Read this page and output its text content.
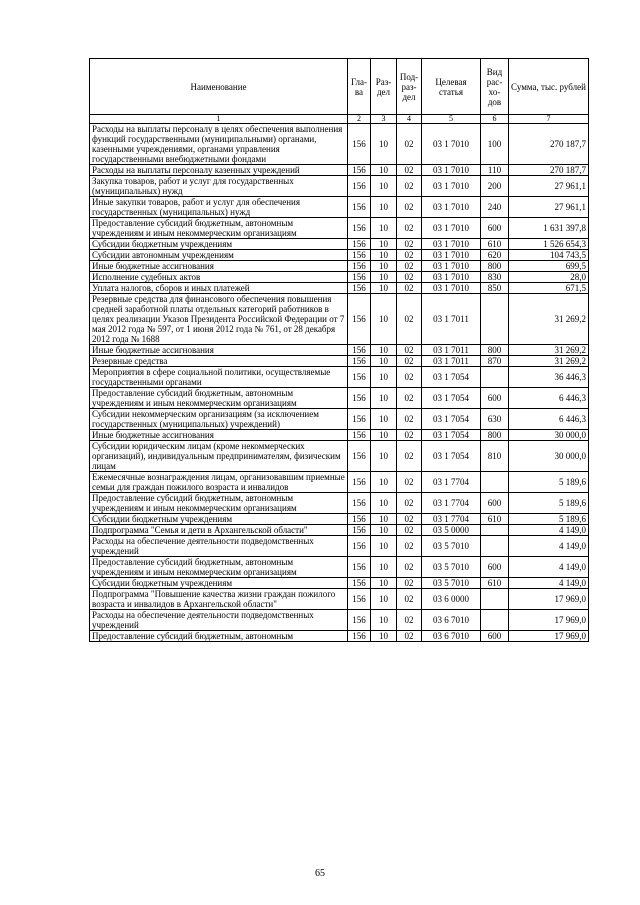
Наименование	Гла-ва	Раз-дел	Под-раз-дел	Целевая статья	Вид рас-хо-дов	Сумма, тыс. рублей
1	2	3	4	5	6	7
Расходы на выплаты персоналу в целях обеспечения выполнения функций государственными (муниципальными) органами, казенными учреждениями, органами управления государственными внебюджетными фондами	156	10	02	03 1 7010	100	270 187,7
Расходы на выплаты персоналу казенных учреждений	156	10	02	03 1 7010	110	270 187,7
Закупка товаров, работ и услуг для государственных (муниципальных) нужд	156	10	02	03 1 7010	200	27 961,1
Иные закупки товаров, работ и услуг для обеспечения государственных (муниципальных) нужд	156	10	02	03 1 7010	240	27 961,1
Предоставление субсидий бюджетным, автономным учреждениям и иным некоммерческим организациям	156	10	02	03 1 7010	600	1 631 397,8
Субсидии бюджетным учреждениям	156	10	02	03 1 7010	610	1 526 654,3
Субсидии автономным учреждениям	156	10	02	03 1 7010	620	104 743,5
Иные бюджетные ассигнования	156	10	02	03 1 7010	800	699,5
Исполнение судебных актов	156	10	02	03 1 7010	830	28,0
Уплата налогов, сборов и иных платежей	156	10	02	03 1 7010	850	671,5
Резервные средства для финансового обеспечения повышения средней заработной платы отдельных категорий работников в целях реализации Указов Президента Российской Федерации от 7 мая 2012 года № 597, от 1 июня 2012 года № 761, от 28 декабря 2012 года № 1688	156	10	02	03 1 7011		31 269,2
Иные бюджетные ассигнования	156	10	02	03 1 7011	800	31 269,2
Резервные средства	156	10	02	03 1 7011	870	31 269,2
Мероприятия в сфере социальной политики, осуществляемые государственными органами	156	10	02	03 1 7054		36 446,3
Предоставление субсидий бюджетным, автономным учреждениям и иным некоммерческим организациям	156	10	02	03 1 7054	600	6 446,3
Субсидии некоммерческим организациям (за исключением государственных (муниципальных) учреждений)	156	10	02	03 1 7054	630	6 446,3
Иные бюджетные ассигнования	156	10	02	03 1 7054	800	30 000,0
Субсидии юридическим лицам (кроме некоммерческих организаций), индивидуальным предпринимателям, физическим лицам	156	10	02	03 1 7054	810	30 000,0
Ежемесячные вознаграждения лицам, организовавшим приемные семьи для граждан пожилого возраста и инвалидов	156	10	02	03 1 7704		5 189,6
Предоставление субсидий бюджетным, автономным учреждениям и иным некоммерческим организациям	156	10	02	03 1 7704	600	5 189,6
Субсидии бюджетным учреждениям	156	10	02	03 1 7704	610	5 189,6
Подпрограмма "Семья и дети в Архангельской области"	156	10	02	03 5 0000		4 149,0
Расходы на обеспечение деятельности подведомственных учреждений	156	10	02	03 5 7010		4 149,0
Предоставление субсидий бюджетным, автономным учреждениям и иным некоммерческим организациям	156	10	02	03 5 7010	600	4 149,0
Субсидии бюджетным учреждениям	156	10	02	03 5 7010	610	4 149,0
Подпрограмма "Повышение качества жизни граждан пожилого возраста и инвалидов в Архангельской области"	156	10	02	03 6 0000		17 969,0
Расходы на обеспечение деятельности подведомственных учреждений	156	10	02	03 6 7010		17 969,0
Предоставление субсидий бюджетным, автономным	156	10	02	03 6 7010	600	17 969,0
65
